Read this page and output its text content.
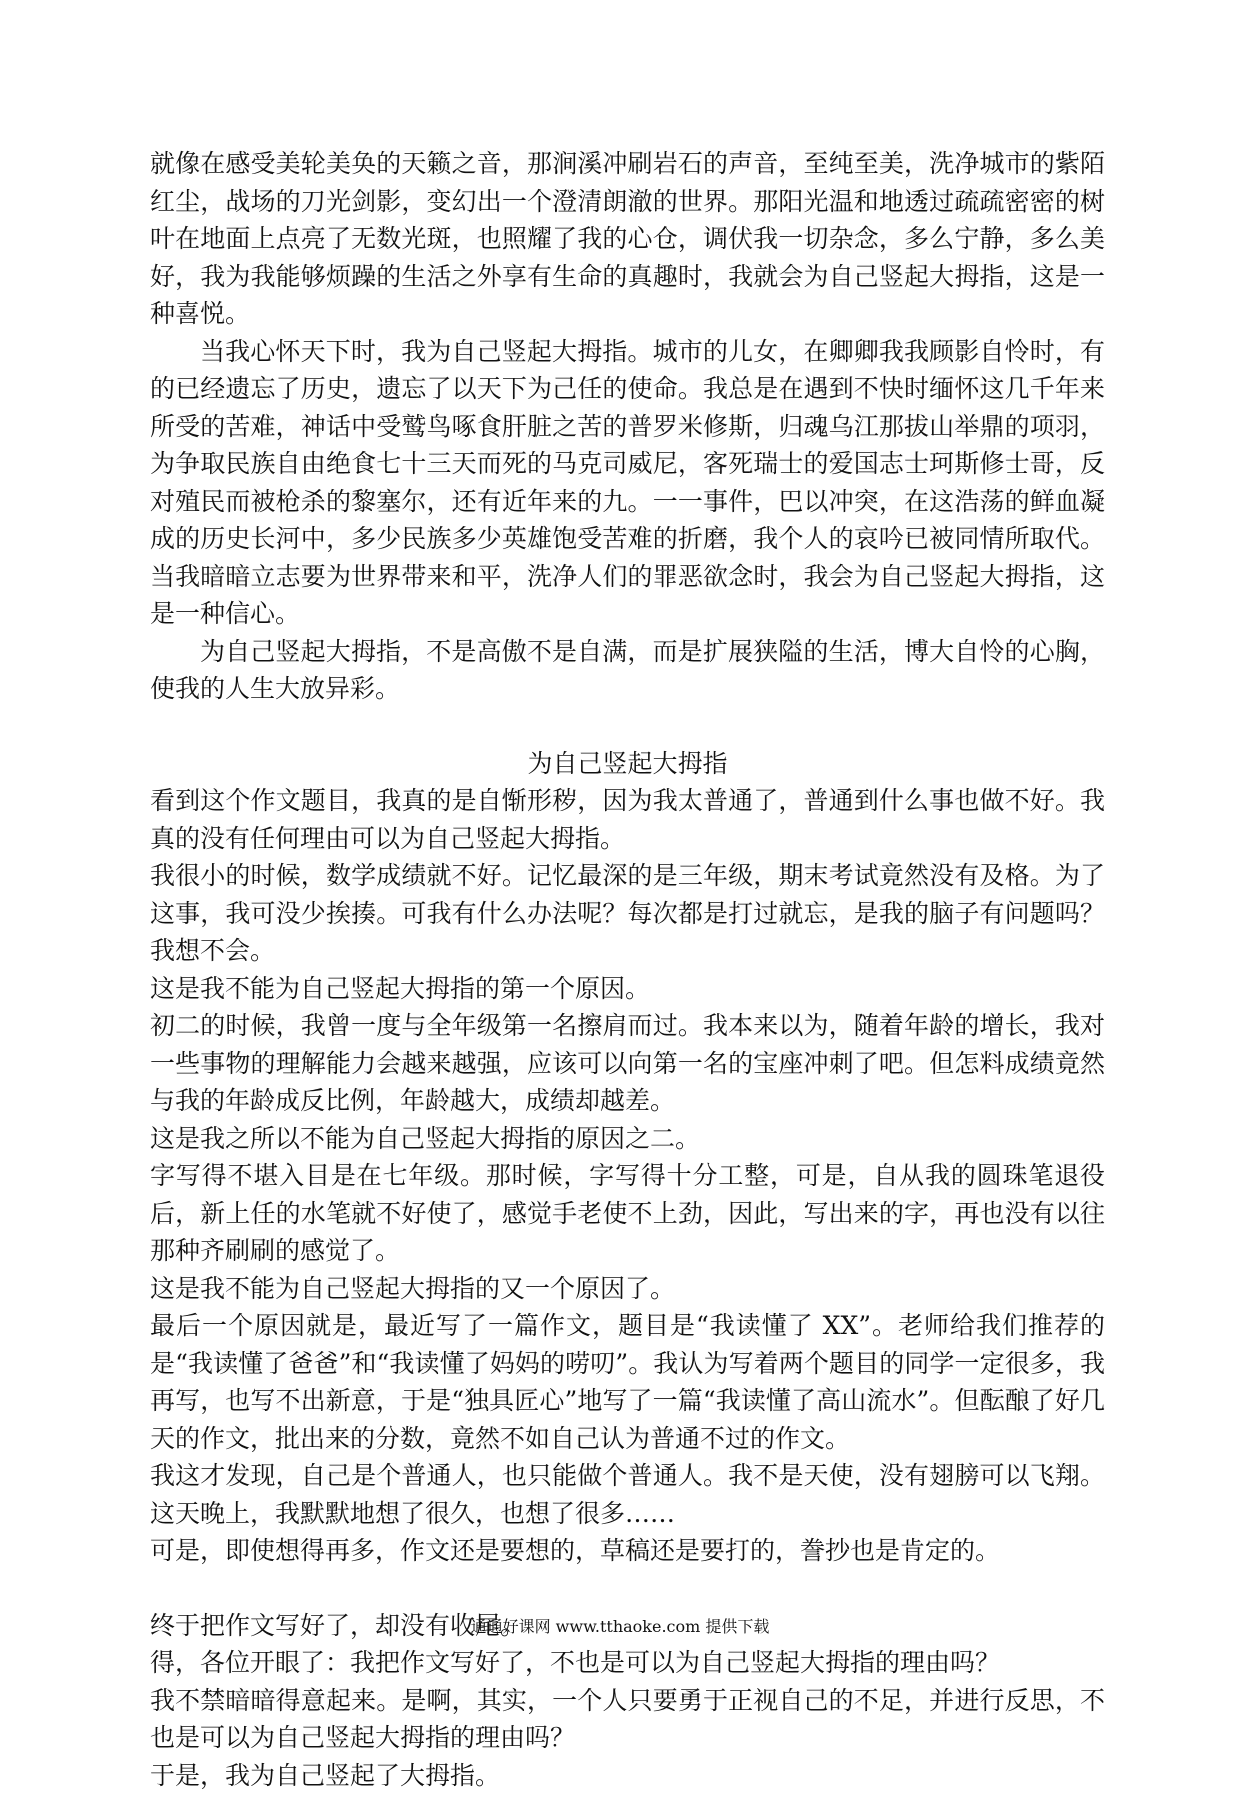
就像在感受美轮美奂的天籁之音，那涧溪冲刷岩石的声音，至纯至美，洗净城市的紫陌红尘，战场的刀光剑影，变幻出一个澄清朗澈的世界。那阳光温和地透过疏疏密密的树叶在地面上点亮了无数光斑，也照耀了我的心仓，调伏我一切杂念，多么宁静，多么美好，我为我能够烦躁的生活之外享有生命的真趣时，我就会为自己竖起大拇指，这是一种喜悦。

当我心怀天下时，我为自己竖起大拇指。城市的儿女，在卿卿我我顾影自怜时，有的已经遗忘了历史，遗忘了以天下为己任的使命。我总是在遇到不快时缅怀这几千年来所受的苦难，神话中受鹫鸟啄食肝脏之苦的普罗米修斯，归魂乌江那拔山举鼎的项羽，为争取民族自由绝食七十三天而死的马克司威尼，客死瑞士的爱国志士珂斯修士哥，反对殖民而被枪杀的黎塞尔，还有近年来的九。一一事件，巴以冲突，在这浩荡的鲜血凝成的历史长河中，多少民族多少英雄饱受苦难的折磨，我个人的哀吟已被同情所取代。当我暗暗立志要为世界带来和平，洗净人们的罪恶欲念时，我会为自己竖起大拇指，这是一种信心。

为自己竖起大拇指，不是高傲不是自满，而是扩展狭隘的生活，博大自怜的心胸，使我的人生大放异彩。

为自己竖起大拇指

看到这个作文题目，我真的是自惭形秽，因为我太普通了，普通到什么事也做不好。我真的没有任何理由可以为自己竖起大拇指。

我很小的时候，数学成绩就不好。记忆最深的是三年级，期末考试竟然没有及格。为了这事，我可没少挨揍。可我有什么办法呢？每次都是打过就忘，是我的脑子有问题吗？我想不会。

这是我不能为自己竖起大拇指的第一个原因。

初二的时候，我曾一度与全年级第一名擦肩而过。我本来以为，随着年龄的增长，我对一些事物的理解能力会越来越强，应该可以向第一名的宝座冲刺了吧。但怎料成绩竟然与我的年龄成反比例，年龄越大，成绩却越差。

这是我之所以不能为自己竖起大拇指的原因之二。

字写得不堪入目是在七年级。那时候，字写得十分工整，可是，自从我的圆珠笔退役后，新上任的水笔就不好使了，感觉手老使不上劲，因此，写出来的字，再也没有以往那种齐刷刷的感觉了。

这是我不能为自己竖起大拇指的又一个原因了。

最后一个原因就是，最近写了一篇作文，题目是“我读懂了 XX”。老师给我们推荐的是“我读懂了爸爸”和“我读懂了妈妈的唠叨”。我认为写着两个题目的同学一定很多，我再写，也写不出新意，于是“独具匠心”地写了一篇“我读懂了高山流水”。但酝酿了好几天的作文，批出来的分数，竟然不如自己认为普通不过的作文。

我这才发现，自己是个普通人，也只能做个普通人。我不是天使，没有翅膀可以飞翔。这天晚上，我默默地想了很久，也想了很多……

可是，即使想得再多，作文还是要想的，草稿还是要打的，誊抄也是肯定的。

终于把作文写好了，却没有收尾。

得，各位开眼了：我把作文写好了，不也是可以为自己竖起大拇指的理由吗？

我不禁暗暗得意起来。是啊，其实，一个人只要勇于正视自己的不足，并进行反思，不也是可以为自己竖起大拇指的理由吗？

于是，我为自己竖起了大拇指。

通通好课网 www.tthaoke.com 提供下载
